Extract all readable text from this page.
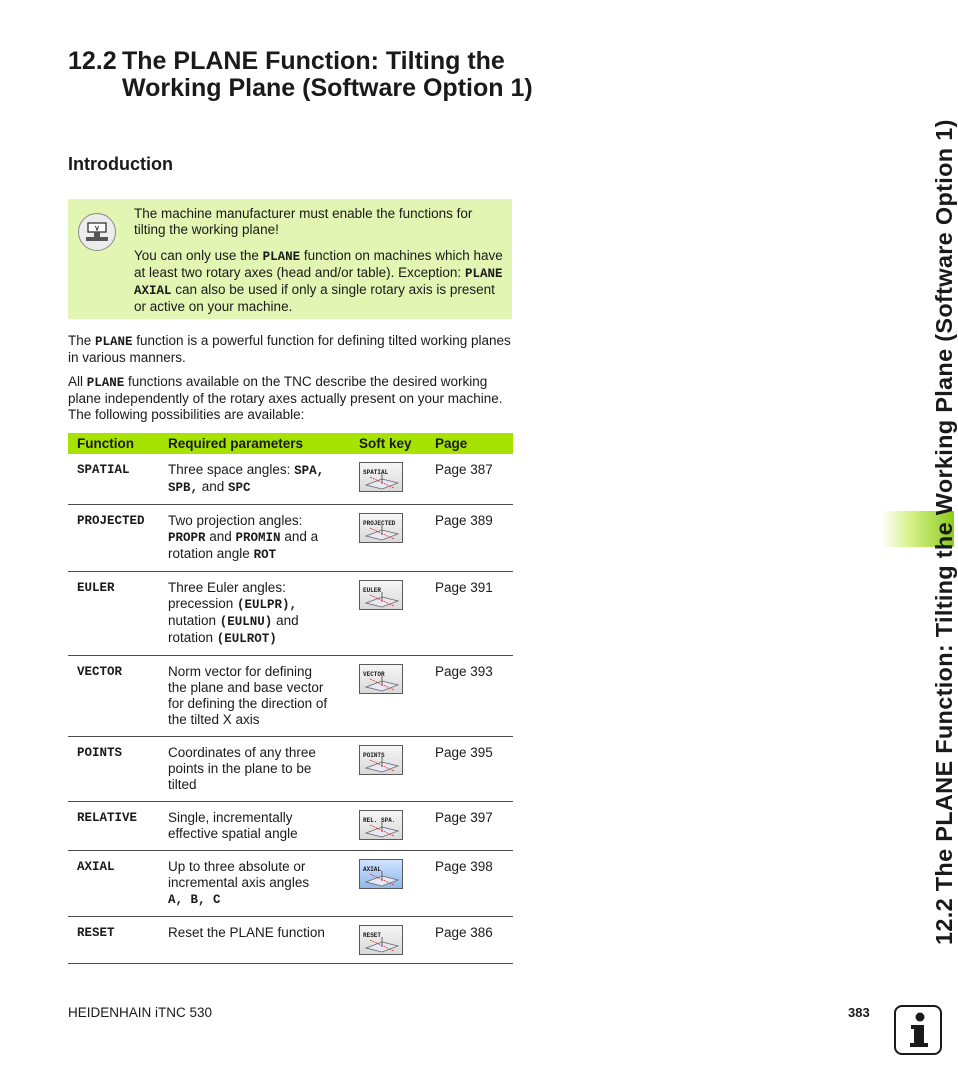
12.2 The PLANE Function: Tilting the Working Plane (Software Option 1)
Introduction
V

The machine manufacturer must enable the functions for tilting the working plane!

You can only use the PLANE function on machines which have at least two rotary axes (head and/or table). Exception: PLANE AXIAL can also be used if only a single rotary axis is present or active on your machine.

The PLANE function is a powerful function for defining tilted working planes in various manners.

All PLANE functions available on the TNC describe the desired working plane independently of the rotary axes actually present on your machine. The following possibilities are available:

Function	Required parameters	Soft key	Page
SPATIAL	Three space angles: SPA,
SPB, and SPC	SPATIAL	Page 387
PROJECTED	Two projection angles:
PROPR and PROMIN and a
rotation angle ROT	PROJECTED	Page 389
EULER	Three Euler angles:
precession (EULPR),
nutation (EULNU) and
rotation (EULROT)	EULER	Page 391
VECTOR	Norm vector for defining
the plane and base vector
for defining the direction of
the tilted X axis	VECTOR	Page 393
POINTS	Coordinates of any three
points in the plane to be
tilted	POINTS	Page 395
RELATIVE	Single, incrementally
effective spatial angle	REL. SPA.	Page 397
AXIAL	Up to three absolute or
incremental axis angles
A, B, C	AXIAL	Page 398
RESET	Reset the PLANE function	RESET	Page 386	12.2 The PLANE Function: Tilting the Working Plane (Software Option 1)
HEIDENHAIN iTNC 530	383
